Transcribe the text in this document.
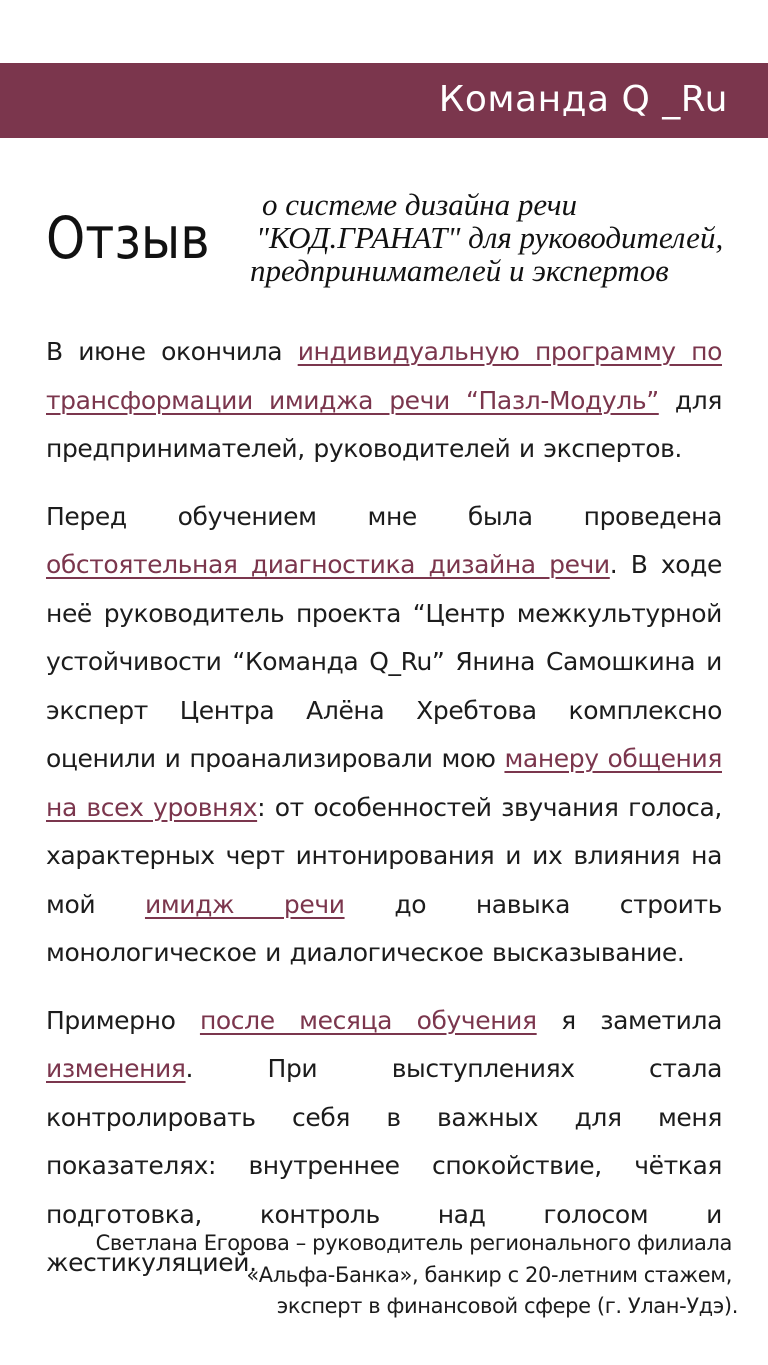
Команда Q _Ru
Отзыв	о системе дизайна речи
"КОД.ГРАНАТ" для руководителей,
предпринимателей и экспертов

В июне окончила индивидуальную программу по трансформации имиджа речи “Пазл-Модуль” для предпринимателей, руководителей и экспертов.

Перед обучением мне была проведена обстоятельная диагностика дизайна речи. В ходе неё руководитель проекта “Центр межкультурной устойчивости “Команда Q_Ru” Янина Самошкина и эксперт Центра Алёна Хребтова комплексно оценили и проанализировали мою манеру общения на всех уровнях: от особенностей звучания голоса, характерных черт интонирования и их влияния на мой имидж речи до навыка строить монологическое и диалогическое высказывание.

Примерно после месяца обучения я заметила изменения. При выступлениях стала контролировать себя в важных для меня показателях: внутреннее спокойствие, чёткая подготовка, контроль над голосом и жестикуляцией.

Светлана Егорова – руководитель регионального филиала
«Альфа-Банка», банкир с 20-летним стажем,
эксперт в финансовой сфере (г. Улан-Удэ).
